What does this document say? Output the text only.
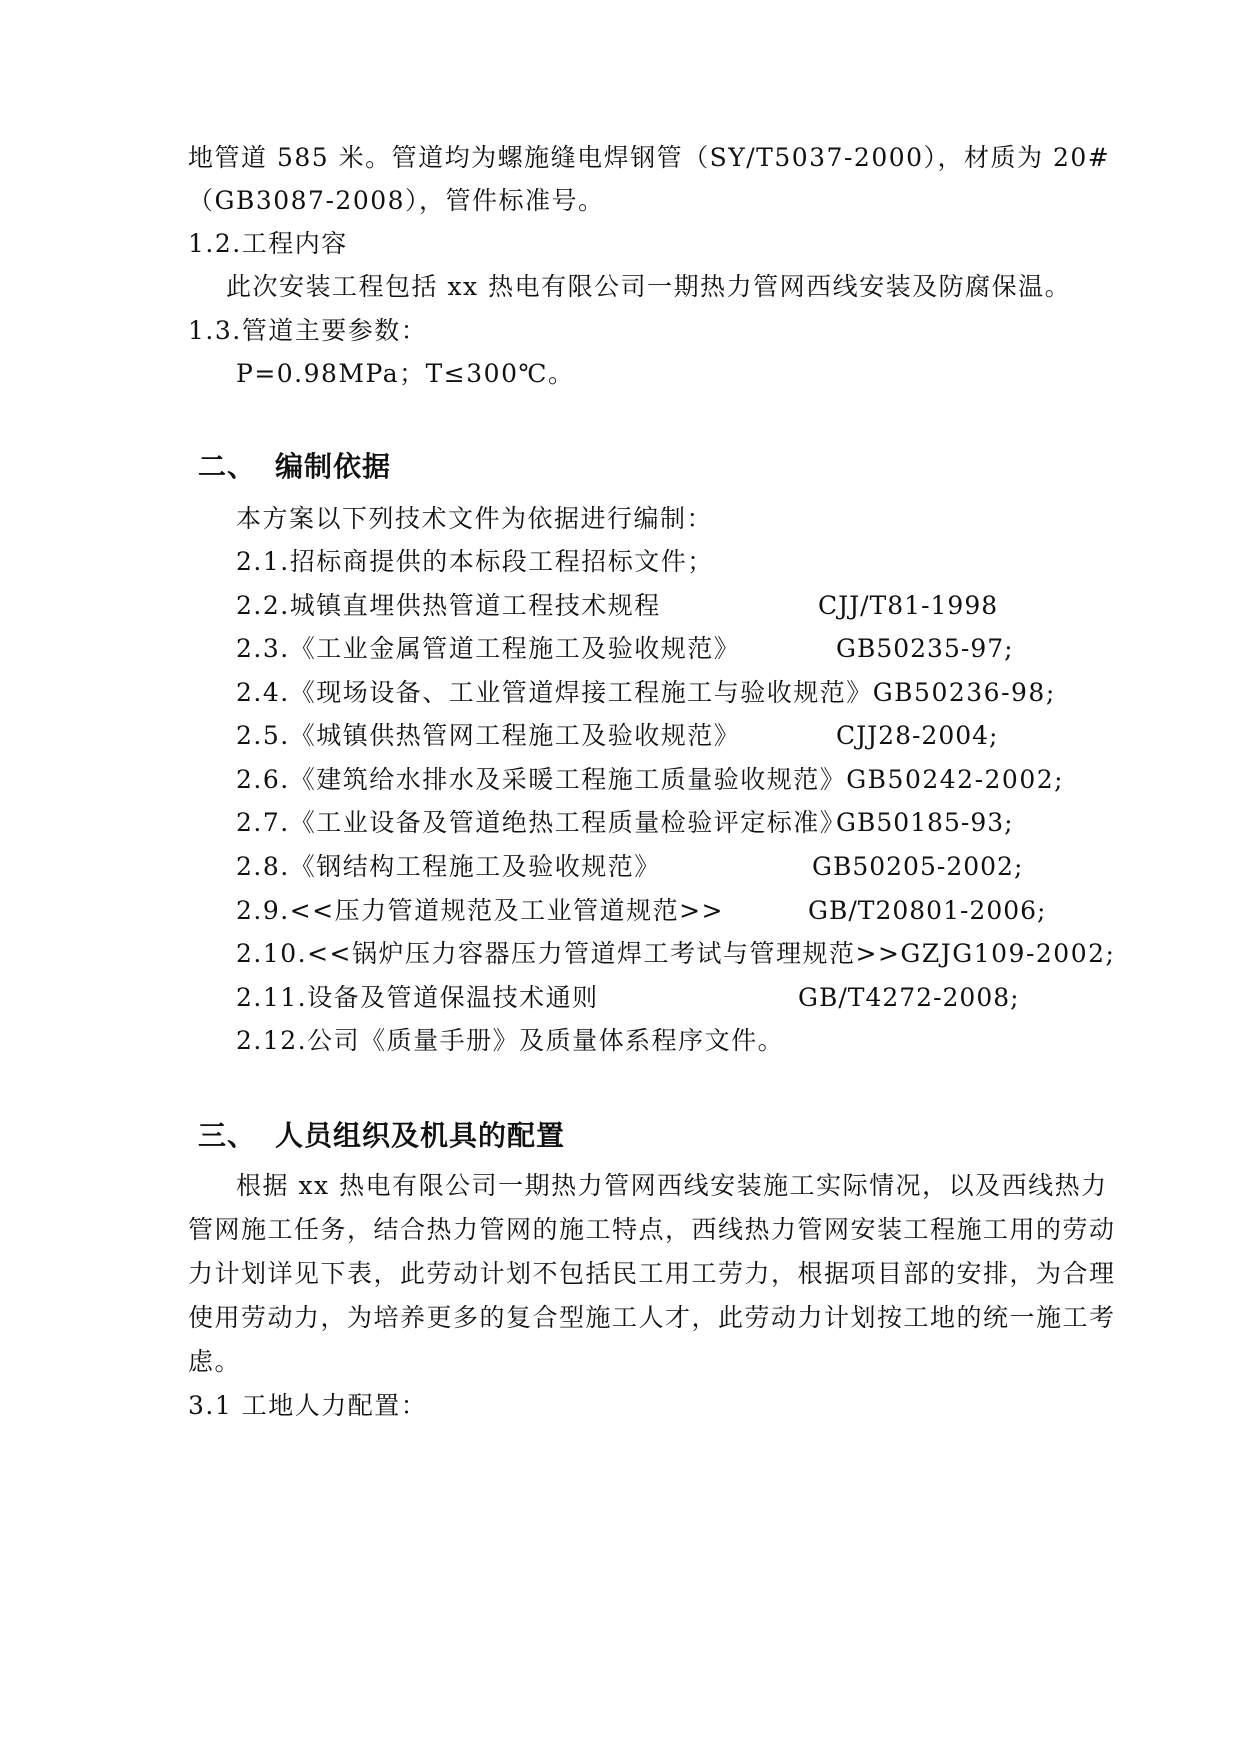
地管道 585 米。管道均为螺施缝电焊钢管（SY/T5037-2000），材质为 20#
（GB3087-2008），管件标准号。
1.2.工程内容
此次安装工程包括 xx 热电有限公司一期热力管网西线安装及防腐保温。
1.3.管道主要参数：
P=0.98MPa；T≤300℃。
二、 编制依据
本方案以下列技术文件为依据进行编制：
2.1.招标商提供的本标段工程招标文件；
2.2.城镇直埋供热管道工程技术规程	CJJ/T81-1998
2.3.《工业金属管道工程施工及验收规范》	GB50235-97;
2.4.《现场设备、工业管道焊接工程施工与验收规范》GB50236-98;
2.5.《城镇供热管网工程施工及验收规范》	CJJ28-2004;
2.6.《建筑给水排水及采暖工程施工质量验收规范》GB50242-2002;
2.7.《工业设备及管道绝热工程质量检验评定标准》
GB50185-93;
2.8.《钢结构工程施工及验收规范》	GB50205-2002;
2.9.<<压力管道规范及工业管道规范>>	GB/T20801-2006;
2.10.<<锅炉压力容器压力管道焊工考试与管理规范>>GZJG109-2002;
2.11.设备及管道保温技术通则	GB/T4272-2008;
2.12.公司《质量手册》及质量体系程序文件。
三、 人员组织及机具的配置
根据 xx 热电有限公司一期热力管网西线安装施工实际情况，以及西线热力
管网施工任务，结合热力管网的施工特点，西线热力管网安装工程施工用的劳动
力计划详见下表，此劳动计划不包括民工用工劳力，根据项目部的安排，为合理
使用劳动力，为培养更多的复合型施工人才，此劳动力计划按工地的统一施工考
虑。
3.1 工地人力配置：
